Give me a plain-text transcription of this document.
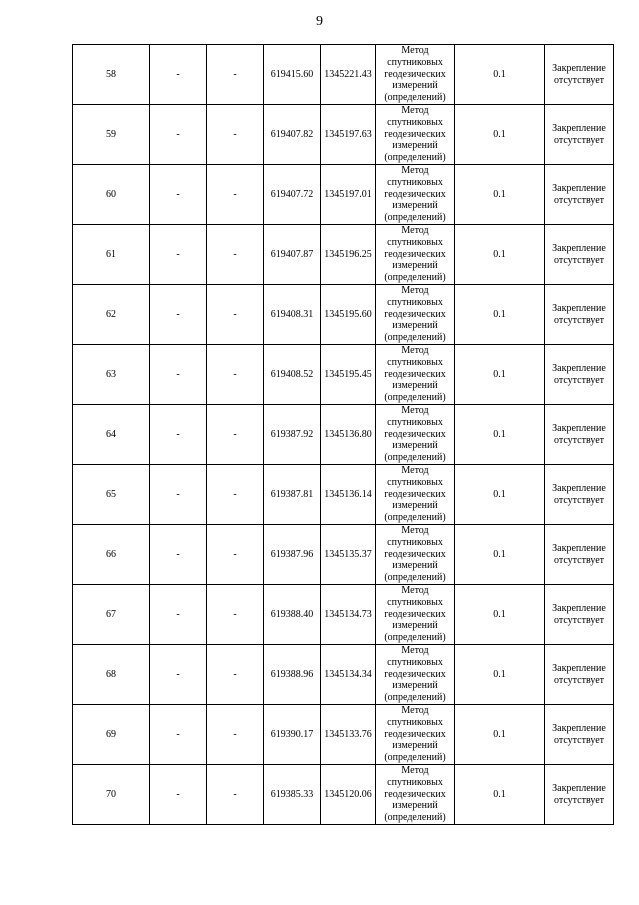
9
58	-	-	619415.60	1345221.43	Метод спутниковых геодезических измерений (определений)	0.1	Закрепление отсутствует
59	-	-	619407.82	1345197.63	Метод спутниковых геодезических измерений (определений)	0.1	Закрепление отсутствует
60	-	-	619407.72	1345197.01	Метод спутниковых геодезических измерений (определений)	0.1	Закрепление отсутствует
61	-	-	619407.87	1345196.25	Метод спутниковых геодезических измерений (определений)	0.1	Закрепление отсутствует
62	-	-	619408.31	1345195.60	Метод спутниковых геодезических измерений (определений)	0.1	Закрепление отсутствует
63	-	-	619408.52	1345195.45	Метод спутниковых геодезических измерений (определений)	0.1	Закрепление отсутствует
64	-	-	619387.92	1345136.80	Метод спутниковых геодезических измерений (определений)	0.1	Закрепление отсутствует
65	-	-	619387.81	1345136.14	Метод спутниковых геодезических измерений (определений)	0.1	Закрепление отсутствует
66	-	-	619387.96	1345135.37	Метод спутниковых геодезических измерений (определений)	0.1	Закрепление отсутствует
67	-	-	619388.40	1345134.73	Метод спутниковых геодезических измерений (определений)	0.1	Закрепление отсутствует
68	-	-	619388.96	1345134.34	Метод спутниковых геодезических измерений (определений)	0.1	Закрепление отсутствует
69	-	-	619390.17	1345133.76	Метод спутниковых геодезических измерений (определений)	0.1	Закрепление отсутствует
70	-	-	619385.33	1345120.06	Метод спутниковых геодезических измерений (определений)	0.1	Закрепление отсутствует
